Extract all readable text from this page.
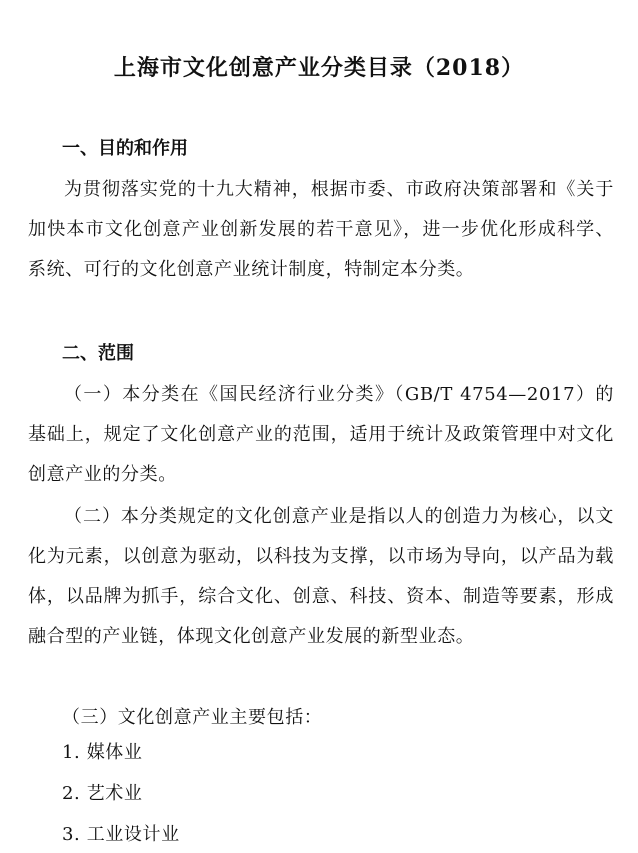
上海市文化创意产业分类目录（2018）
一、目的和作用
为贯彻落实党的十九大精神，根据市委、市政府决策部署和《关于加快本市文化创意产业创新发展的若干意见》，进一步优化形成科学、系统、可行的文化创意产业统计制度，特制定本分类。
二、范围
（一）本分类在《国民经济行业分类》（GB/T 4754—2017）的基础上，规定了文化创意产业的范围，适用于统计及政策管理中对文化创意产业的分类。
（二）本分类规定的文化创意产业是指以人的创造力为核心，以文化为元素，以创意为驱动，以科技为支撑，以市场为导向，以产品为载体，以品牌为抓手，综合文化、创意、科技、资本、制造等要素，形成融合型的产业链，体现文化创意产业发展的新型业态。
（三）文化创意产业主要包括：
1. 媒体业
2. 艺术业
3. 工业设计业
